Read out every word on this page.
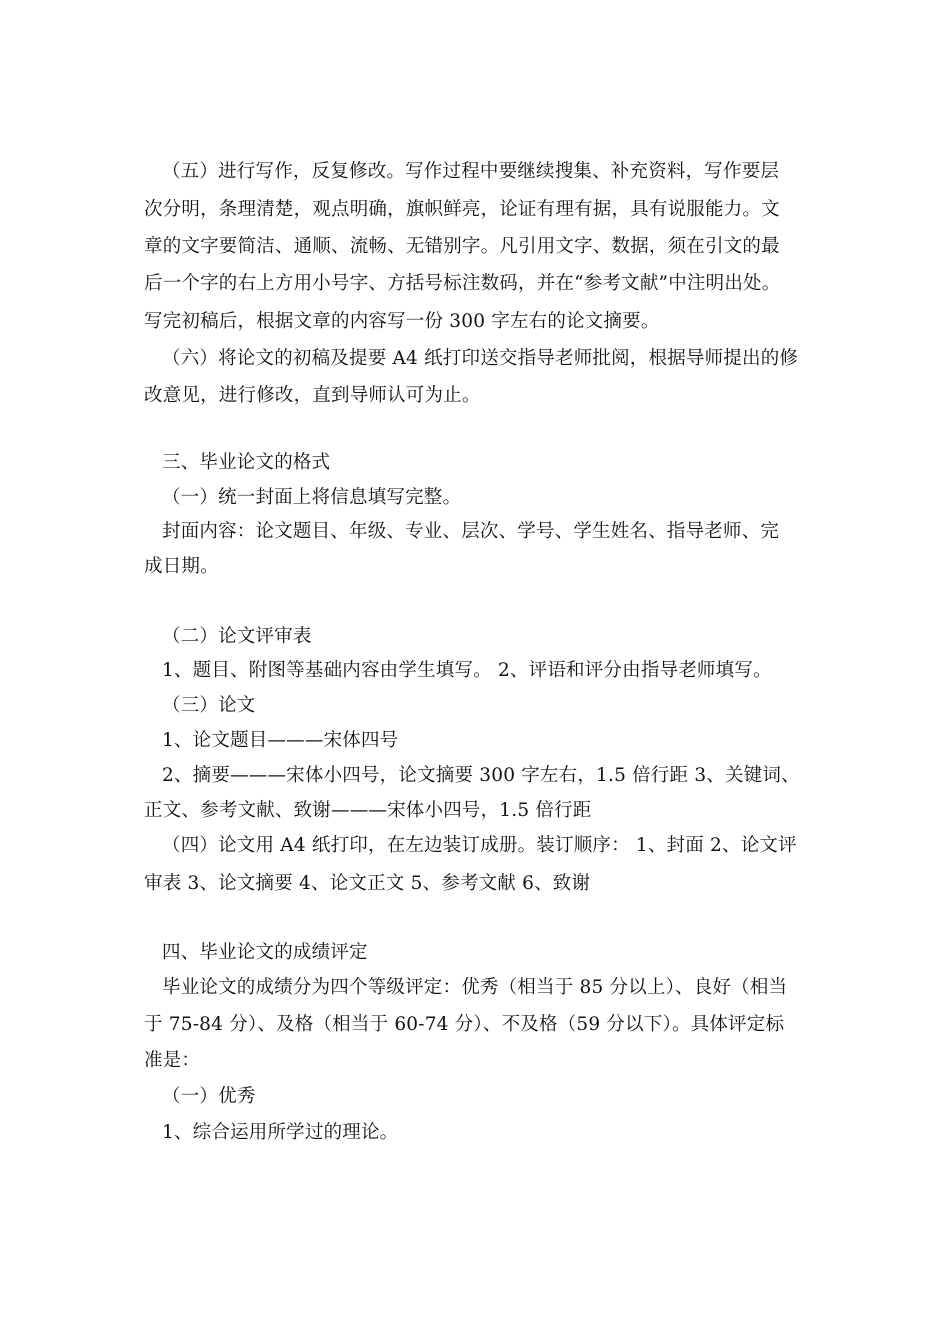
（五）进行写作，反复修改。写作过程中要继续搜集、补充资料，写作要层
次分明，条理清楚，观点明确，旗帜鲜亮，论证有理有据，具有说服能力。文
章的文字要简洁、通顺、流畅、无错别字。凡引用文字、数据，须在引文的最
后一个字的右上方用小号字、方括号标注数码，并在“参考文献”中注明出处。
写完初稿后，根据文章的内容写一份 300 字左右的论文摘要。
（六）将论文的初稿及提要 A4 纸打印送交指导老师批阅，根据导师提出的修
改意见，进行修改，直到导师认可为止。
三、毕业论文的格式
（一）统一封面上将信息填写完整。
封面内容：论文题目、年级、专业、层次、学号、学生姓名、指导老师、完
成日期。
（二）论文评审表
1、题目、附图等基础内容由学生填写。 2、评语和评分由指导老师填写。
（三）论文
1、论文题目———宋体四号
2、摘要———宋体小四号，论文摘要 300 字左右，1.5 倍行距 3、关键词、
正文、参考文献、致谢———宋体小四号，1.5 倍行距
（四）论文用 A4 纸打印，在左边装订成册。装订顺序： 1、封面 2、论文评
审表 3、论文摘要 4、论文正文 5、参考文献 6、致谢
四、毕业论文的成绩评定
毕业论文的成绩分为四个等级评定：优秀（相当于 85 分以上）、良好（相当
于 75-84 分）、及格（相当于 60-74 分）、不及格（59 分以下）。具体评定标
准是：
（一）优秀
1、综合运用所学过的理论。
